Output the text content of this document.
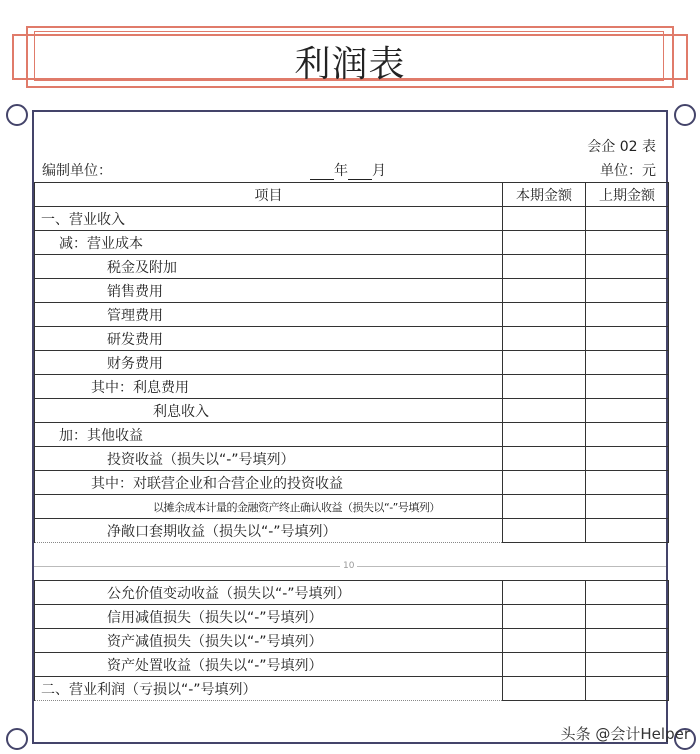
利润表
会企 02 表
编制单位：	年 月	单位：元
项目	本期金额	上期金额
一、营业收入		
减：营业成本		
税金及附加		
销售费用		
管理费用		
研发费用		
财务费用		
其中：利息费用		
利息收入		
加：其他收益		
投资收益（损失以“-”号填列）		
其中：对联营企业和合营企业的投资收益		
以摊余成本计量的金融资产终止确认收益（损失以“-”号填列）		
净敞口套期收益（损失以“-”号填列）		
10
公允价值变动收益（损失以“-”号填列）		
信用减值损失（损失以“-”号填列）		
资产减值损失（损失以“-”号填列）		
资产处置收益（损失以“-”号填列）		
二、营业利润（亏损以“-”号填列）		
头条 @会计Helper
